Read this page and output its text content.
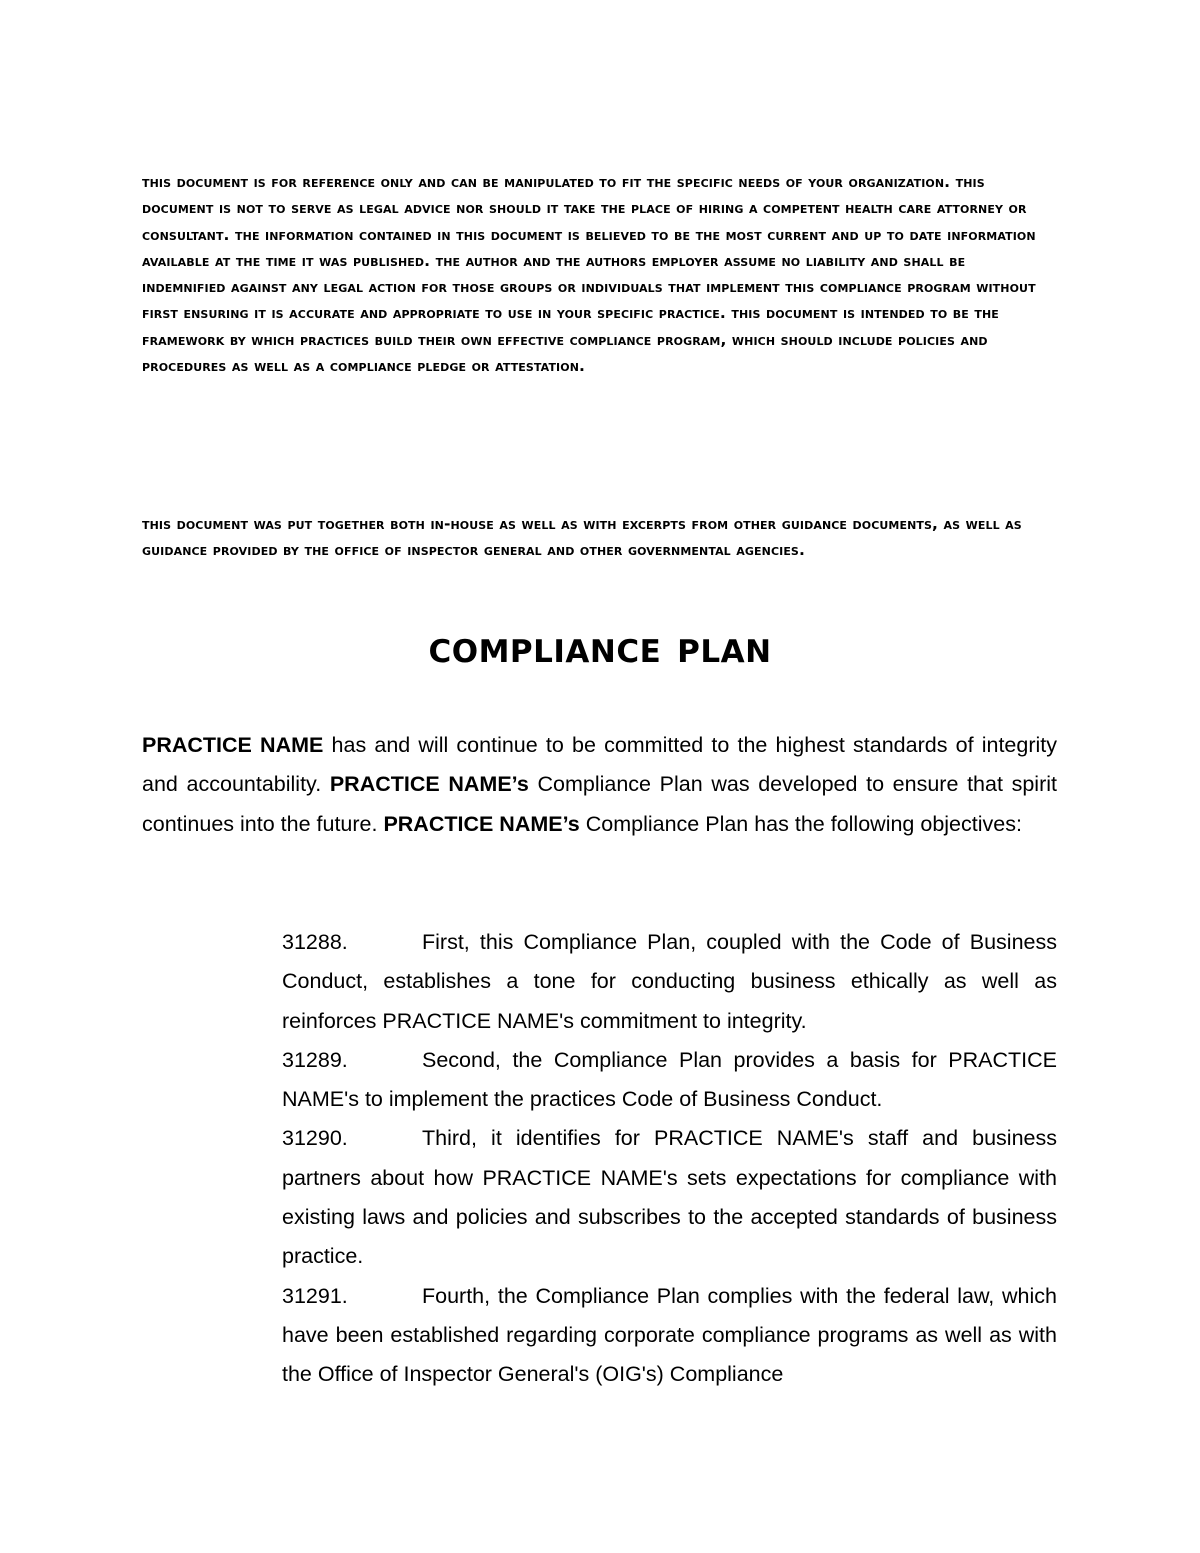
this document is for reference only and can be manipulated to fit the specific needs of your organization. this document is not to serve as legal advice nor should it take the place of hiring a competent health care attorney or consultant. the information contained in this document is believed to be the most current and up to date information available at the time it was published. the author and the authors employer assume no liability and shall be indemnified against any legal action for those groups or individuals that implement this compliance program without first ensuring it is accurate and appropriate to use in your specific practice. this document is intended to be the framework by which practices build their own effective compliance program, which should include policies and procedures as well as a compliance pledge or attestation.

this document was put together both in-house as well as with excerpts from other guidance documents, as well as guidance provided by the office of inspector general and other governmental agencies.

compliance plan

PRACTICE NAME has and will continue to be committed to the highest standards of integrity and accountability. PRACTICE NAME’s Compliance Plan was developed to ensure that spirit continues into the future. PRACTICE NAME’s Compliance Plan has the following objectives:

31288.	First, this Compliance Plan, coupled with the Code of Business Conduct, establishes a tone for conducting business ethically as well as reinforces PRACTICE NAME's commitment to integrity.
31289.	Second, the Compliance Plan provides a basis for PRACTICE NAME's to implement the practices Code of Business Conduct.
31290.	Third, it identifies for PRACTICE NAME's staff and business partners about how PRACTICE NAME's sets expectations for compliance with existing laws and policies and subscribes to the accepted standards of business practice.
31291.	Fourth, the Compliance Plan complies with the federal law, which have been established regarding corporate compliance programs as well as with the Office of Inspector General's (OIG's) Compliance
